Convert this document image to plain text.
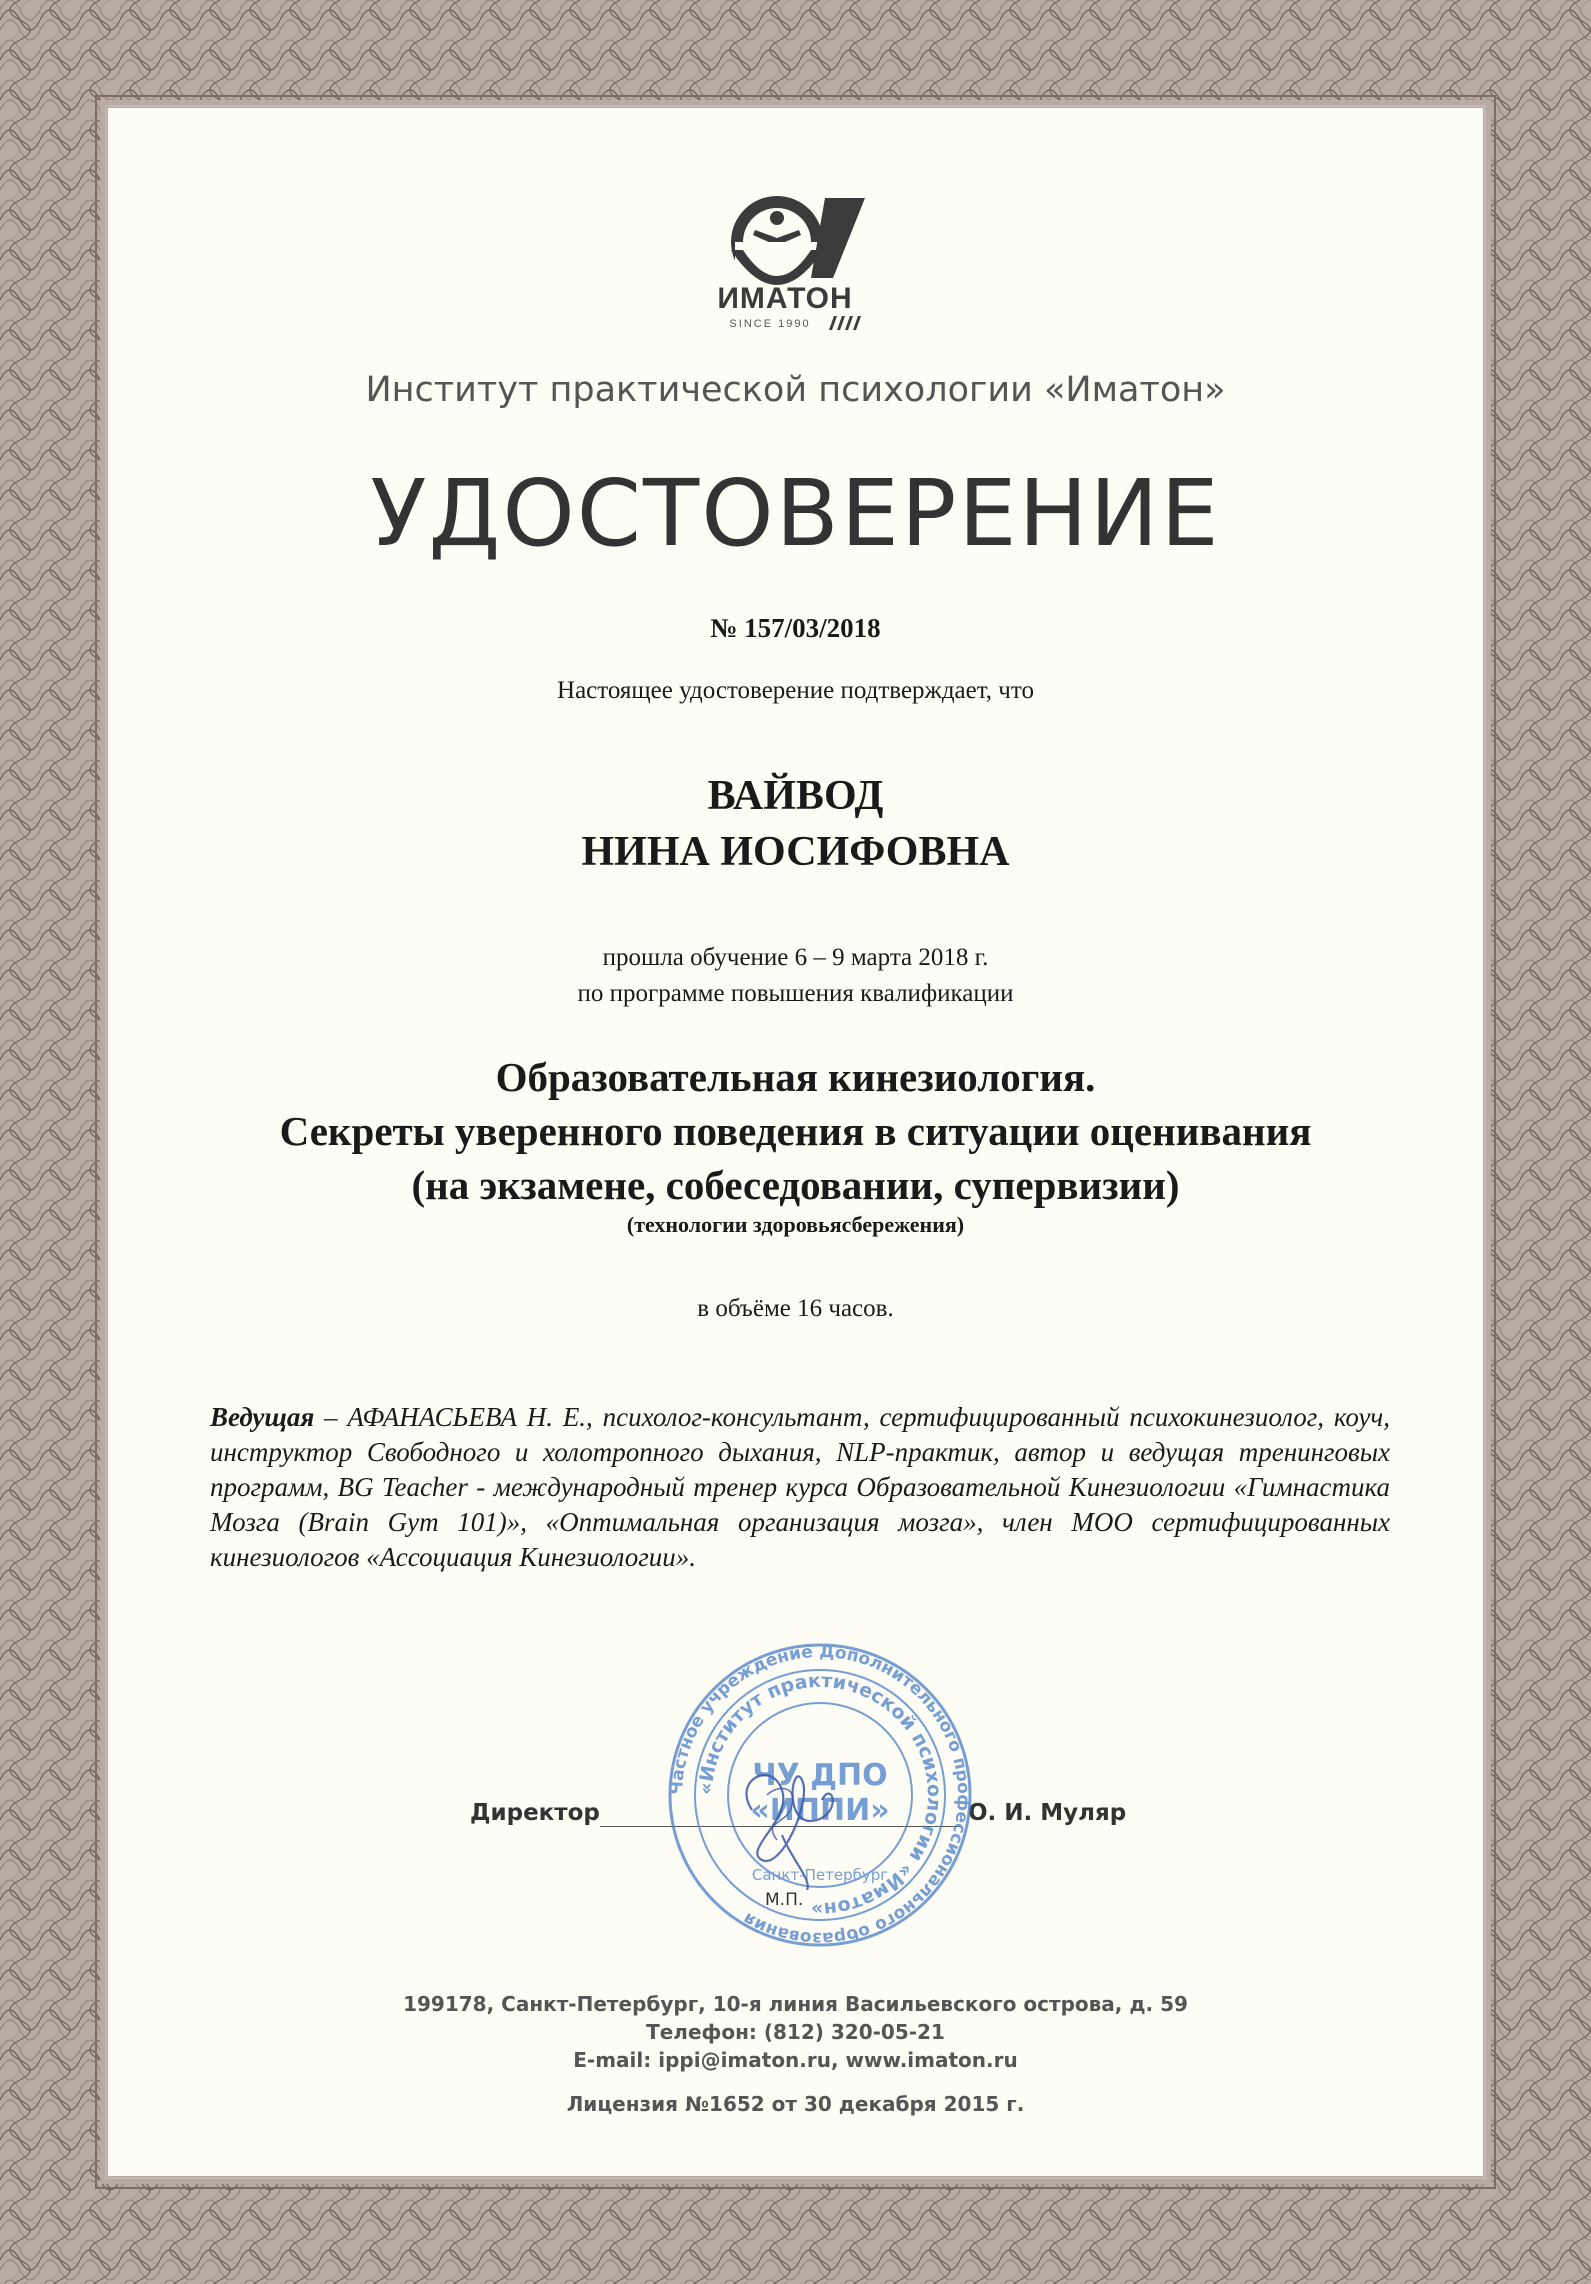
ИМАТОН
SINCE 1990
Институт практической психологии «Иматон»
УДОСТОВЕРЕНИЕ
№ 157/03/2018
Настоящее удостоверение подтверждает, что
ВАЙВОД
НИНА ИОСИФОВНА
прошла обучение 6 – 9 марта 2018 г.
по программе повышения квалификации
Образовательная кинезиология.
Секреты уверенного поведения в ситуации оценивания
(на экзамене, собеседовании, супервизии)
(технологии здоровьясбережения)
в объёме 16 часов.
Ведущая – АФАНАСЬЕВА Н. Е., психолог-консультант, сертифицированный психокинезиолог, коуч, инструктор Свободного и холотропного дыхания, NLP-практик, автор и ведущая тренинговых программ, BG Teacher - международный тренер курса Образовательной Кинезиологии «Гимнастика Мозга (Brain Gym 101)», «Оптимальная организация мозга», член МОО сертифицированных кинезиологов «Ассоциация Кинезиологии».
Директор	О. И. Муляр
Частное учреждение Дополнительного профессионального образования
«Институт практической психологии «Иматон»
ЧУ ДПО
«ИППИ»
Санкт-Петербург
М.П.
199178, Санкт-Петербург, 10-я линия Васильевского острова, д. 59
Телефон: (812) 320-05-21
E-mail: ippi@imaton.ru, www.imaton.ru
Лицензия №1652 от 30 декабря 2015 г.
